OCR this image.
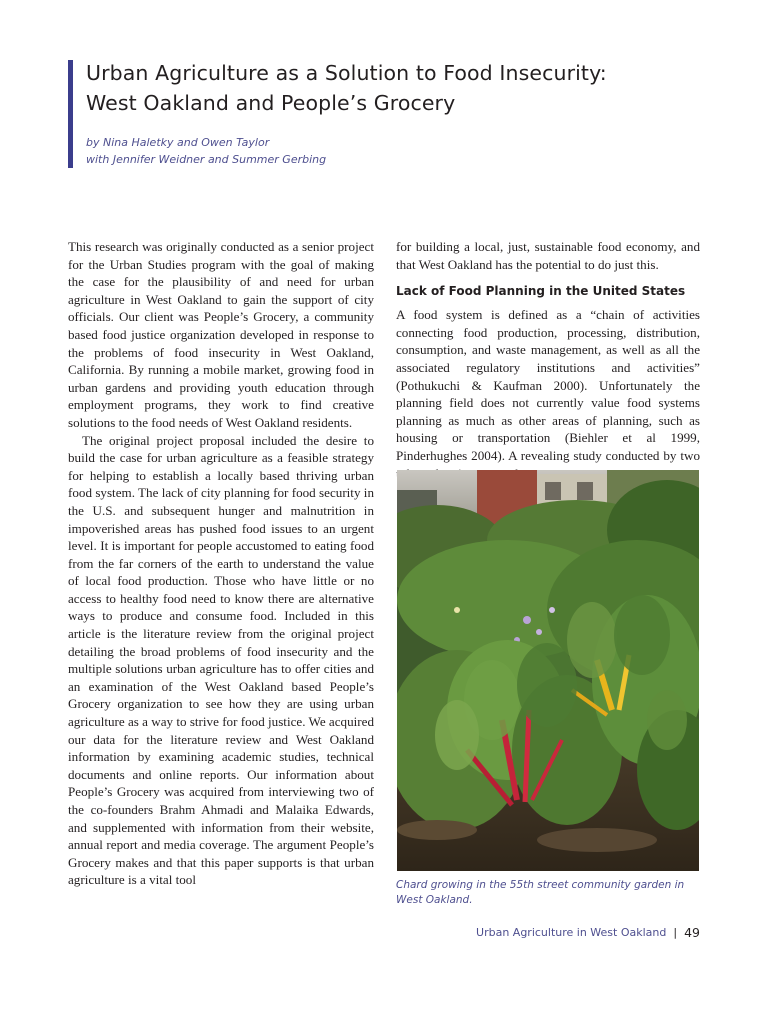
Urban Agriculture as a Solution to Food Insecurity:
West Oakland and People’s Grocery
by Nina Haletky and Owen Taylor
with Jennifer Weidner and Summer Gerbing

This research was originally conducted as a senior project for the Urban Studies program with the goal of making the case for the plausibility of and need for urban agriculture in West Oakland to gain the support of city officials. Our client was People’s Grocery, a community based food justice organization developed in response to the problems of food insecurity in West Oakland, California. By running a mobile market, growing food in urban gardens and providing youth education through employment programs, they work to find creative solutions to the food needs of West Oakland residents.

The original project proposal included the desire to build the case for urban agriculture as a feasible strategy for helping to establish a locally based thriving urban food system. The lack of city planning for food security in the U.S. and subsequent hunger and malnutrition in impoverished areas has pushed food issues to an urgent level. It is important for people accustomed to eating food from the far corners of the earth to understand the value of local food production. Those who have little or no access to healthy food need to know there are alternative ways to produce and consume food. Included in this article is the literature review from the original project detailing the broad problems of food insecurity and the multiple solutions urban agriculture has to offer cities and an examination of the West Oakland based People’s Grocery organization to see how they are using urban agriculture as a way to strive for food justice. We acquired our data for the literature review and West Oakland information by examining academic studies, technical documents and online reports. Our information about People’s Grocery was acquired from interviewing two of the co-founders Brahm Ahmadi and Malaika Edwards, and supplemented with information from their website, annual report and media coverage. The argument People’s Grocery makes and that this paper supports is that urban agriculture is a vital tool

for building a local, just, sustainable food economy, and that West Oakland has the potential to do just this.

Lack of Food Planning in the United States

A food system is defined as a “chain of activities connecting food production, processing, distribution, consumption, and waste management, as well as all the associated regulatory institutions and activities” (Pothukuchi & Kaufman 2000). Unfortunately the planning field does not currently value food systems planning as much as other areas of planning, such as housing or transportation (Biehler et al 1999, Pinderhughes 2004). A revealing study conducted by two

Chard growing in the 55th street community garden in West Oakland.
Urban Agriculture in West Oakland | 49
